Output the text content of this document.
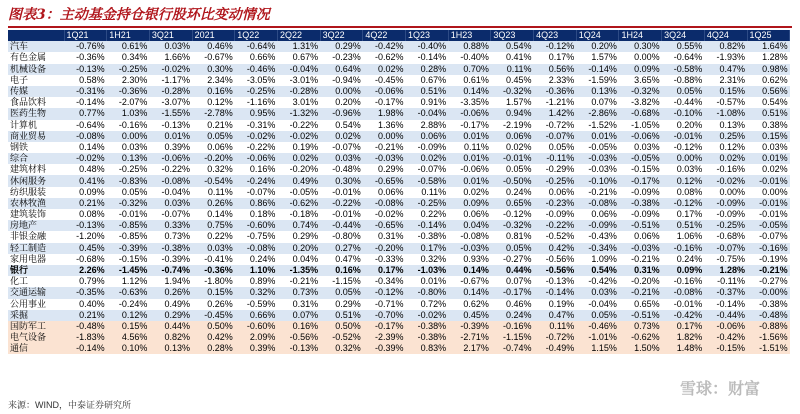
图表3：主动基金持仓银行股环比变动情况
	1Q21	1H21	3Q21	2021	1Q22	2Q22	3Q22	4Q22	1Q23	1H23	3Q23	4Q23	1Q24	1H24	3Q24	4Q24	1Q25
汽车	-0.76%	0.61%	0.03%	0.46%	-0.64%	1.31%	0.29%	-0.42%	-0.40%	0.88%	0.54%	-0.12%	0.20%	0.30%	0.55%	0.82%	1.64%
有色金属	-0.36%	0.34%	1.66%	-0.67%	0.66%	0.67%	-0.23%	-0.62%	-0.14%	-0.40%	0.41%	0.17%	1.57%	0.00%	-0.64%	-1.93%	1.28%
机械设备	-0.13%	-0.25%	-0.02%	0.30%	-0.46%	-0.04%	0.64%	0.02%	0.28%	0.70%	0.11%	0.56%	-0.14%	0.09%	-0.58%	0.47%	0.98%
电子	0.58%	2.30%	-1.17%	2.34%	-3.05%	-3.01%	-0.94%	-0.45%	0.67%	0.61%	0.45%	2.33%	-1.59%	3.65%	-0.88%	2.31%	0.62%
传媒	-0.31%	-0.36%	-0.28%	0.16%	-0.25%	-0.28%	0.00%	-0.06%	0.51%	0.14%	-0.32%	-0.36%	0.13%	-0.32%	0.05%	0.15%	0.56%
食品饮料	-0.14%	-2.07%	-3.07%	0.12%	-1.16%	3.01%	0.20%	-0.17%	0.91%	-3.35%	1.57%	-1.21%	0.07%	-3.82%	-0.44%	-0.57%	0.54%
医药生物	0.77%	1.03%	-1.55%	-2.78%	0.95%	-1.32%	-0.96%	1.98%	-0.04%	-0.06%	0.94%	1.42%	-2.86%	-0.68%	-0.10%	-1.08%	0.51%
计算机	-0.64%	-0.16%	-0.13%	0.21%	-0.31%	-0.22%	0.54%	1.36%	2.88%	-0.17%	-2.19%	-0.72%	-1.52%	-1.05%	0.20%	0.13%	0.38%
商业贸易	-0.08%	0.00%	0.01%	0.05%	-0.02%	-0.02%	0.02%	0.00%	0.06%	0.01%	0.06%	-0.07%	0.01%	-0.06%	-0.01%	0.25%	0.15%
钢铁	0.14%	0.03%	0.39%	0.06%	-0.22%	0.19%	-0.07%	-0.21%	-0.09%	0.11%	0.02%	0.05%	-0.05%	0.03%	-0.12%	0.12%	0.03%
综合	-0.02%	0.13%	-0.06%	-0.20%	-0.06%	0.02%	0.03%	-0.03%	0.02%	0.01%	-0.01%	-0.11%	-0.03%	-0.05%	0.00%	0.02%	0.01%
建筑材料	0.48%	-0.25%	-0.22%	0.32%	0.16%	-0.20%	-0.48%	0.29%	-0.07%	-0.06%	0.05%	-0.29%	-0.03%	-0.15%	0.03%	-0.16%	0.02%
休闲服务	0.41%	-0.83%	-0.08%	-0.54%	-0.24%	0.49%	0.30%	-0.65%	-0.58%	0.01%	-0.50%	-0.25%	-0.10%	-0.17%	0.12%	-0.02%	-0.01%
纺织服装	0.09%	0.05%	-0.04%	0.11%	-0.07%	-0.05%	-0.01%	0.06%	0.11%	0.02%	0.24%	0.06%	-0.21%	-0.09%	0.08%	0.00%	0.00%
农林牧渔	0.21%	-0.32%	0.03%	0.26%	0.86%	-0.62%	-0.22%	-0.08%	-0.25%	0.09%	0.65%	-0.23%	-0.08%	-0.38%	-0.12%	-0.09%	-0.01%
建筑装饰	0.08%	-0.01%	-0.07%	0.14%	0.18%	-0.18%	-0.01%	-0.02%	0.22%	0.06%	-0.12%	-0.09%	0.06%	-0.09%	0.17%	-0.09%	-0.01%
房地产	-0.13%	-0.85%	0.33%	0.75%	-0.60%	0.74%	-0.44%	-0.65%	-0.14%	0.04%	-0.32%	-0.22%	-0.09%	-0.51%	0.51%	-0.25%	-0.05%
非银金融	-1.20%	-0.85%	0.73%	0.22%	-0.75%	0.29%	-0.80%	0.31%	-0.38%	-0.08%	0.81%	-0.52%	-0.43%	0.06%	1.06%	-0.68%	-0.07%
轻工制造	0.45%	-0.39%	-0.38%	0.03%	-0.08%	0.20%	0.27%	-0.20%	0.17%	-0.03%	0.05%	0.42%	-0.34%	-0.03%	-0.16%	-0.07%	-0.16%
家用电器	-0.68%	-0.15%	-0.39%	-0.41%	0.24%	0.04%	0.47%	-0.33%	0.32%	0.93%	-0.27%	-0.56%	1.09%	-0.21%	0.24%	-0.75%	-0.19%
银行	2.26%	-1.45%	-0.74%	-0.36%	1.10%	-1.35%	0.16%	0.17%	-1.03%	0.14%	0.44%	-0.56%	0.54%	0.31%	0.09%	1.28%	-0.21%
化工	0.79%	1.12%	1.94%	-1.80%	0.89%	-0.21%	-1.15%	-0.34%	0.01%	-0.67%	0.07%	-0.13%	-0.42%	-0.20%	-0.16%	-0.11%	-0.27%
交通运输	-0.35%	-0.63%	0.26%	0.15%	0.32%	0.73%	0.05%	-0.12%	-0.80%	0.14%	-0.17%	-0.14%	0.03%	-0.21%	-0.08%	-0.37%	-0.00%
公用事业	0.40%	-0.24%	0.49%	0.26%	-0.59%	0.31%	0.29%	-0.71%	0.72%	0.62%	0.46%	0.19%	-0.04%	0.65%	-0.01%	-0.14%	-0.38%
采掘	0.21%	0.12%	0.29%	-0.45%	0.66%	0.07%	0.51%	-0.70%	-0.02%	0.45%	0.24%	0.47%	0.05%	-0.51%	-0.42%	-0.44%	-0.48%
国防军工	-0.48%	0.15%	0.44%	0.50%	-0.60%	0.16%	0.50%	-0.17%	-0.38%	-0.39%	-0.16%	0.11%	-0.46%	0.73%	0.17%	-0.06%	-0.88%
电气设备	-1.83%	4.56%	0.82%	0.42%	2.09%	-0.56%	-0.52%	-2.39%	-0.38%	-2.71%	-1.15%	-0.72%	-1.01%	-0.62%	1.82%	-0.42%	-1.56%
通信	-0.14%	0.10%	0.13%	0.28%	0.39%	-0.13%	0.32%	-0.39%	0.83%	2.17%	-0.74%	-0.49%	1.15%	1.50%	1.48%	-0.15%	-1.51%
来源：WIND，中泰证券研究所
雪球：财富
